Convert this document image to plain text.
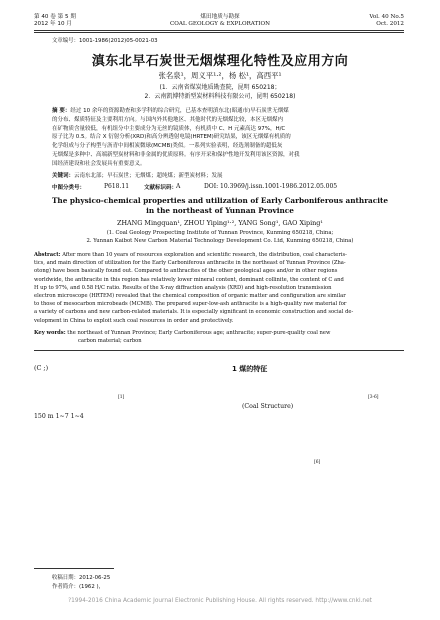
第 40 卷 第 5 期
2012 年 10 月
煤田地质与勘探
COAL GEOLOGY & EXPLORATION
Vol. 40 No.5
Oct. 2012
文章编号：1001-1986(2012)05-0021-03
滇东北早石炭世无烟煤理化特性及应用方向
张名泉¹，周义平¹·²，杨 松¹，高西平¹
(1．云南省煤炭地质勘查院，昆明 650218；
2．云南凯博特新型炭材料科技有限公司，昆明 650218)
摘 要：经过 10 余年的资源勘查和多学科的综合研究，已基本查明滇东北(昭通市)早石炭世无烟煤
的分布、煤质特征及主要利用方向。与国内外其他地区、其他时代的无烟煤比较，本区无烟煤内
在矿物质含量较低，有机组分中主要成分为无丝的镜质体，有机质中 C、H 元素高达 97%，H/C
原子比为 0.5。结合 X 衍射分析(XRD)和高分辨透射电镜(HRTEM)研究结果，该区无烟煤有机质的
化学组成与分子构型与沥青中间相炭微球(MCMB)类似。一系列实验表明，经选剂制备的超低灰
无烟煤是多种中、高端新型炭材料和非金属的优质原料。有序开采和保护性地开发利用该区资源，对我
国经济建设和社会发展具有重要意义。
关键词：云南东北部；早石炭世；无烟煤；超纯煤；新型炭材料；发展
中图分类号：	P618.11	文献标识码：
A	DOI: 10.3969/j.issn.1001-1986.2012.05.005
The physico-chemical properties and utilization of Early Carboniferous anthracite
in the northeast of Yunnan Province
ZHANG Mingquan¹, ZHOU Yiping¹·², YANG Song¹, GAO Xiping¹
(1. Coal Geology Prospecting Institute of Yunnan Province, Kunming 650218, China;
2. Yunnan Kaibot New Carbon Material Technology Development Co. Ltd, Kunming 650218, China)
Abstract: After more than 10 years of resources exploration and scientific research, the distribution, coal characteris-
tics, and main direction of utilization for the Early Carboniferous anthracite in the northeast of Yunnan Province (Zha-
otong) have been basically found out. Compared to anthracites of the other geological ages and/or in other regions
worldwide, the anthracite in this region has relatively lower mineral content, dominant collinite, the content of C and
H up to 97%, and 0.58 H/C ratio. Results of the X-ray diffraction analysis (XRD) and high-resolution transmission
electron microscope (HRTEM) revealed that the chemical composition of organic matter and configuration are similar
to those of mesocarbon microbeads (MCMB). The prepared super-low-ash anthracite is a high-quality raw material for
a variety of carbons and new carbon-related materials. It is especially significant in economic construction and social de-
velopment in China to exploit such coal resources in order and protectively.
Key words: the northeast of Yunnan Province; Early Carboniferous age; anthracite; super-pure-quality coal new
carbon material; carbon
(C ;)	1 煤的特征
[1]	[3-6]
(Coal Structure)
150 m 1~7 1~4
[6]
收稿日期：2012-06-25
作者简介：(1962 )，
?1994-2016 China Academic Journal Electronic Publishing House. All rights reserved. http://www.cnki.net
